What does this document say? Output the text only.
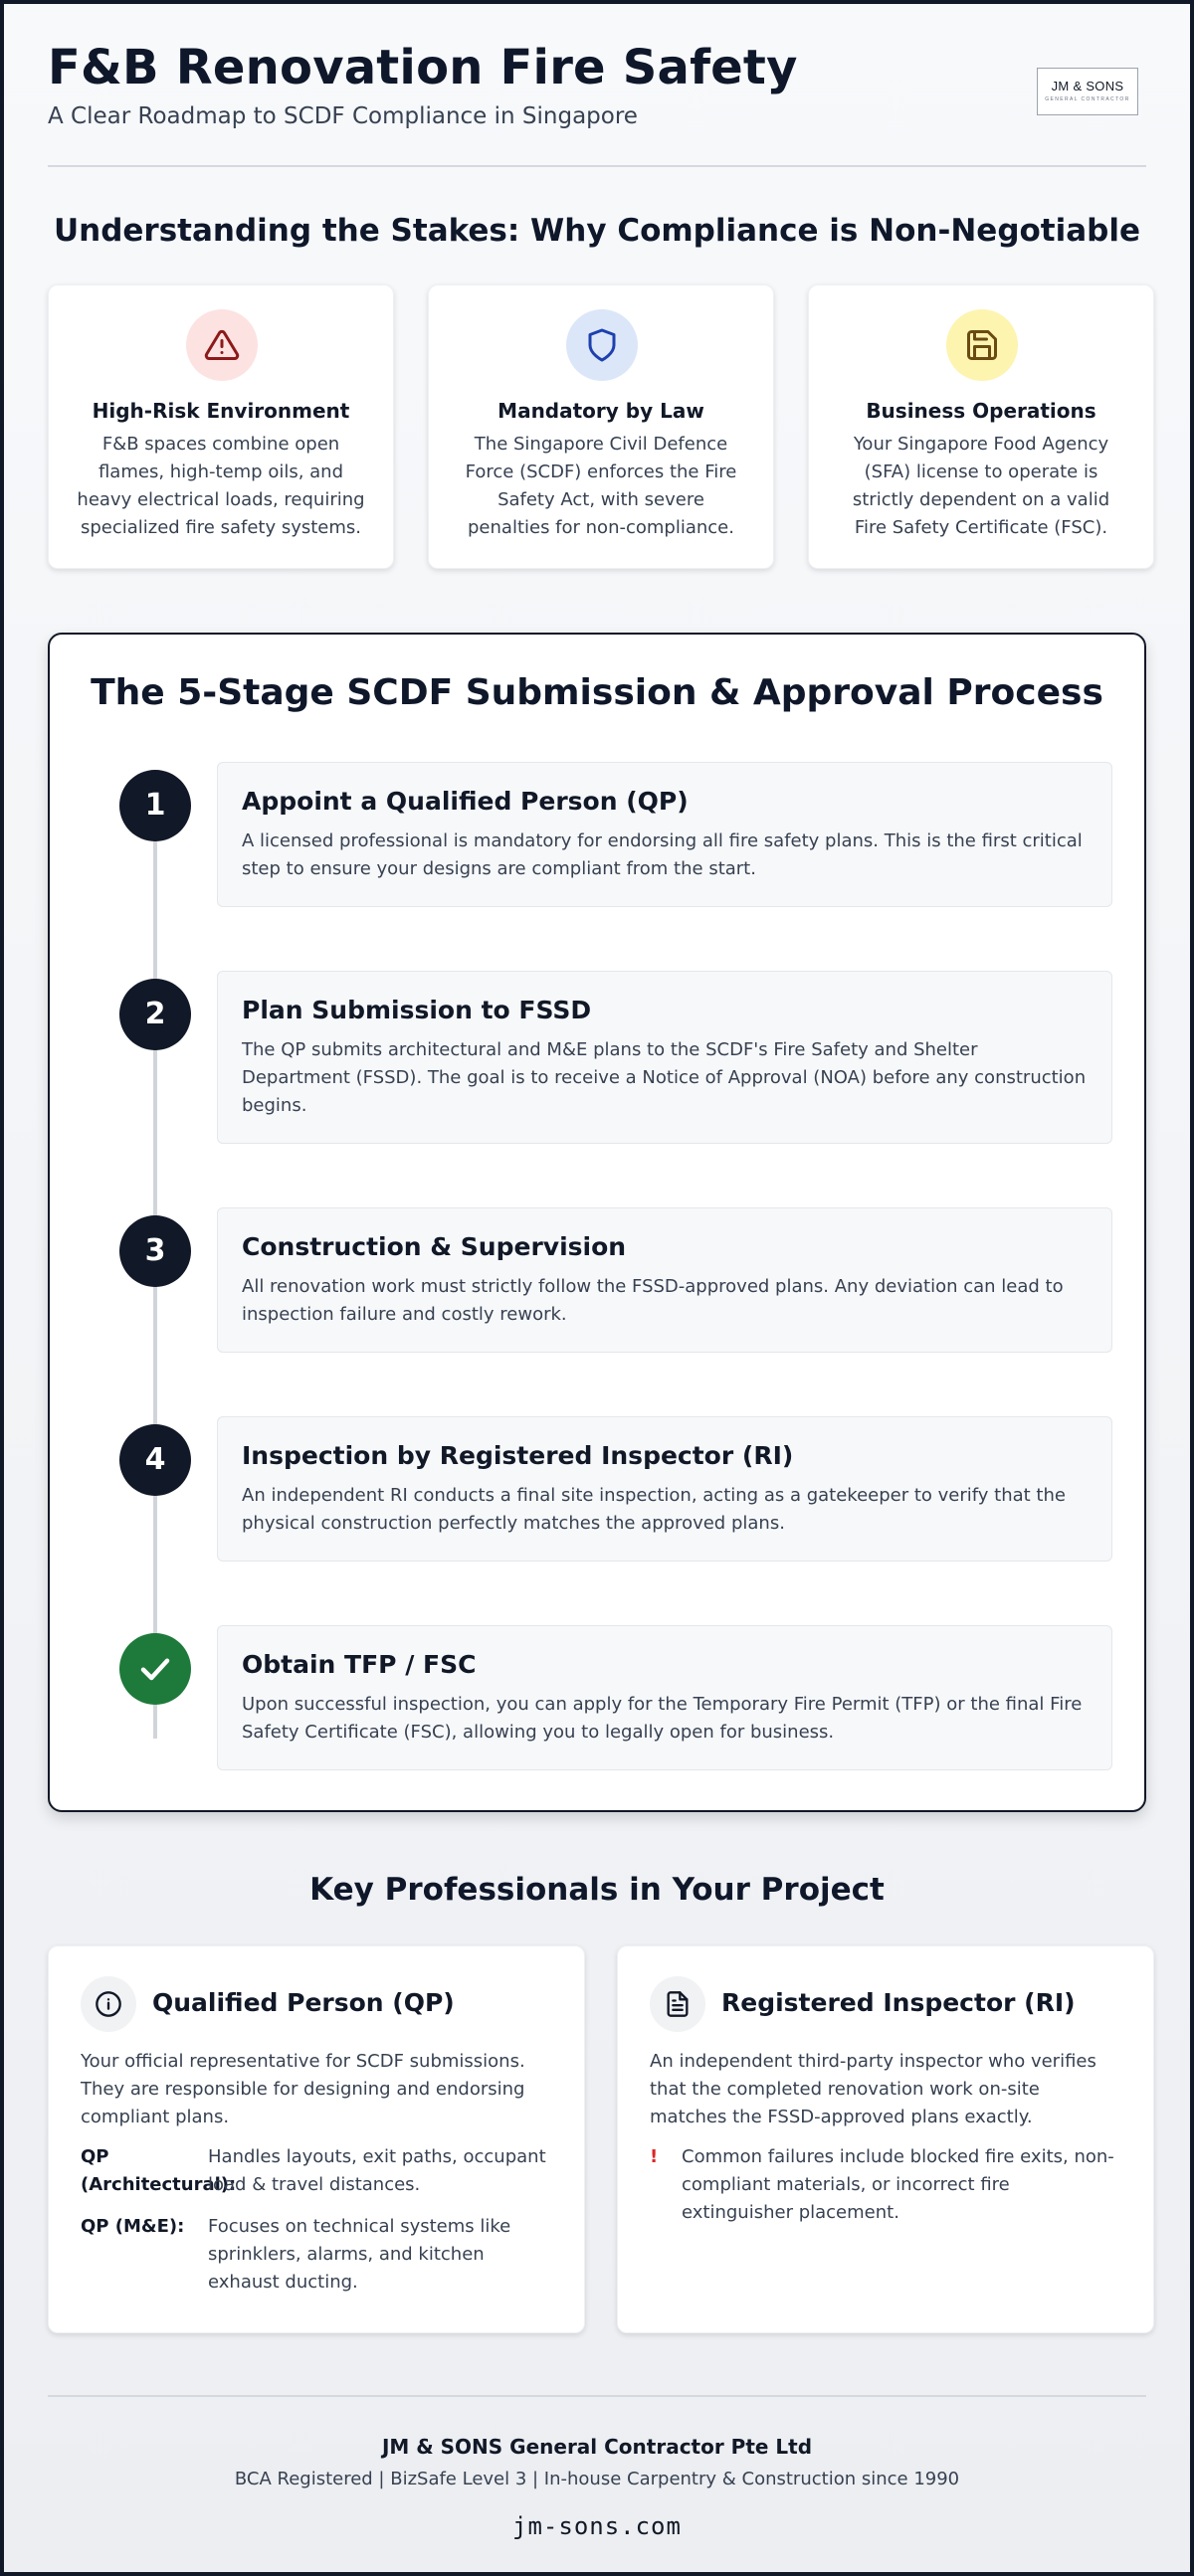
F&B Renovation Fire Safety
A Clear Roadmap to SCDF Compliance in Singapore
JM & SONS
GENERAL CONTRACTOR
Understanding the Stakes: Why Compliance is Non-Negotiable
High-Risk Environment
F&B spaces combine open flames, high-temp oils, and heavy electrical loads, requiring specialized fire safety systems.
Mandatory by Law
The Singapore Civil Defence Force (SCDF) enforces the Fire Safety Act, with severe penalties for non-compliance.
Business Operations
Your Singapore Food Agency (SFA) license to operate is strictly dependent on a valid Fire Safety Certificate (FSC).
The 5-Stage SCDF Submission & Approval Process
1	Appoint a Qualified Person (QP)
A licensed professional is mandatory for endorsing all fire safety plans. This is the first critical step to ensure your designs are compliant from the start.
2	Plan Submission to FSSD
The QP submits architectural and M&E plans to the SCDF's Fire Safety and Shelter Department (FSSD). The goal is to receive a Notice of Approval (NOA) before any construction begins.
3	Construction & Supervision
All renovation work must strictly follow the FSSD-approved plans. Any deviation can lead to inspection failure and costly rework.
4	Inspection by Registered Inspector (RI)
An independent RI conducts a final site inspection, acting as a gatekeeper to verify that the physical construction perfectly matches the approved plans.
Obtain TFP / FSC
Upon successful inspection, you can apply for the Temporary Fire Permit (TFP) or the final Fire Safety Certificate (FSC), allowing you to legally open for business.
Key Professionals in Your Project
Qualified Person (QP)
Your official representative for SCDF submissions. They are responsible for designing and endorsing compliant plans.
QP (Architectural):
Handles layouts, exit paths, occupant load & travel distances.
QP (M&E):	Focuses on technical systems like sprinklers, alarms, and kitchen exhaust ducting.
Registered Inspector (RI)
An independent third-party inspector who verifies that the completed renovation work on-site matches the FSSD-approved plans exactly.
! Common failures include blocked fire exits, non-compliant materials, or incorrect fire extinguisher placement.
JM & SONS General Contractor Pte Ltd
BCA Registered | BizSafe Level 3 | In-house Carpentry & Construction since 1990
jm-sons.com
